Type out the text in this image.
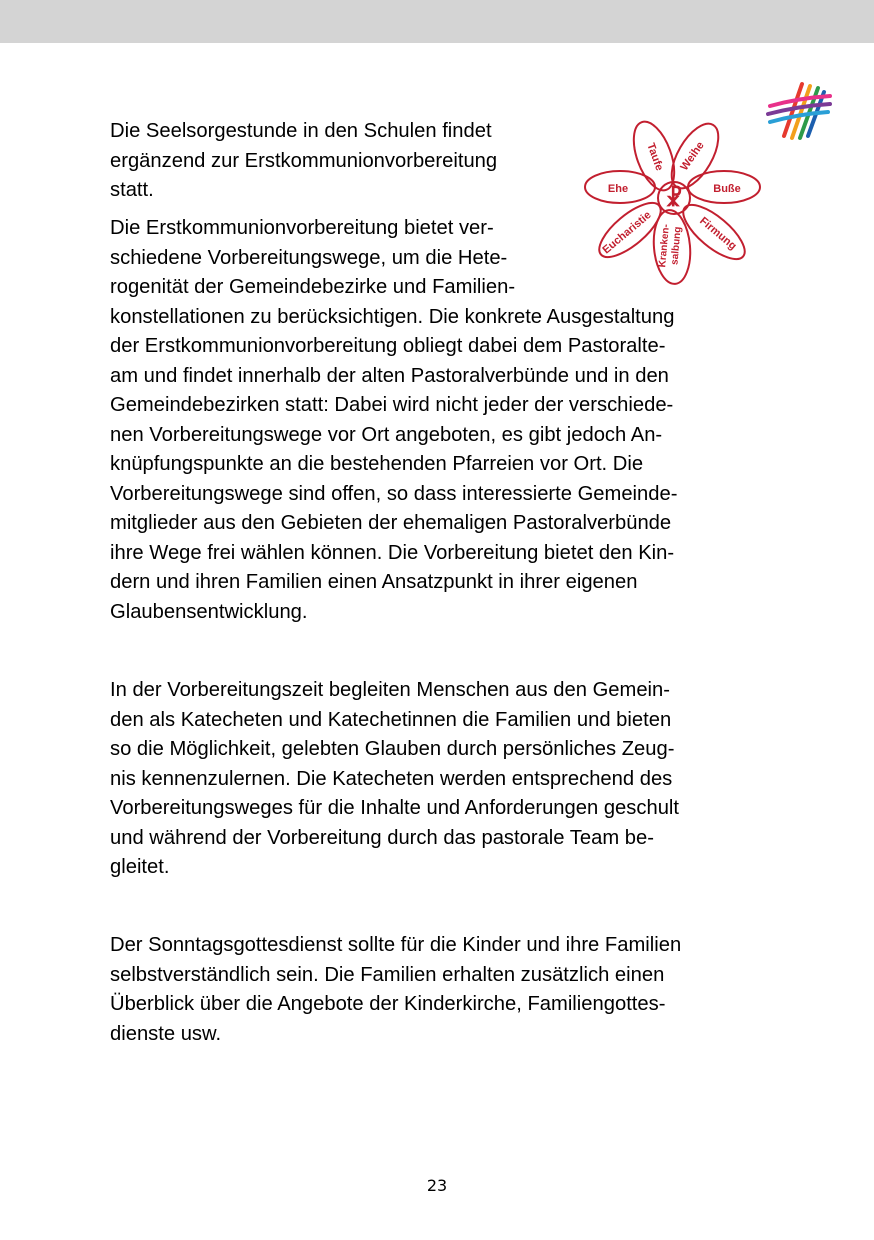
☧
Taufe Weihe
Buße
Firmung
Kranken-
salbung
Eucharistie
Ehe
Die Seelsorgestunde in den Schulen findet
ergänzend zur Erstkommunionvorbereitung
statt.
Die Erstkommunionvorbereitung bietet ver-
schiedene Vorbereitungswege, um die Hete-
rogenität der Gemeindebezirke und Familien-
konstellationen zu berücksichtigen. Die konkrete Ausgestaltung
der Erstkommunionvorbereitung obliegt dabei dem Pastoralte-
am und findet innerhalb der alten Pastoralverbünde und in den
Gemeindebezirken statt: Dabei wird nicht jeder der verschiede-
nen Vorbereitungswege vor Ort angeboten, es gibt jedoch An-
knüpfungspunkte an die bestehenden Pfarreien vor Ort. Die
Vorbereitungswege sind offen, so dass interessierte Gemeinde-
mitglieder aus den Gebieten der ehemaligen Pastoralverbünde
ihre Wege frei wählen können. Die Vorbereitung bietet den Kin-
dern und ihren Familien einen Ansatzpunkt in ihrer eigenen
Glaubensentwicklung.
In der Vorbereitungszeit begleiten Menschen aus den Gemein-
den als Katecheten und Katechetinnen die Familien und bieten
so die Möglichkeit, gelebten Glauben durch persönliches Zeug-
nis kennenzulernen. Die Katecheten werden entsprechend des
Vorbereitungsweges für die Inhalte und Anforderungen geschult
und während der Vorbereitung durch das pastorale Team be-
gleitet.
Der Sonntagsgottesdienst sollte für die Kinder und ihre Familien
selbstverständlich sein. Die Familien erhalten zusätzlich einen
Überblick über die Angebote der Kinderkirche, Familiengottes-
dienste usw.
23
